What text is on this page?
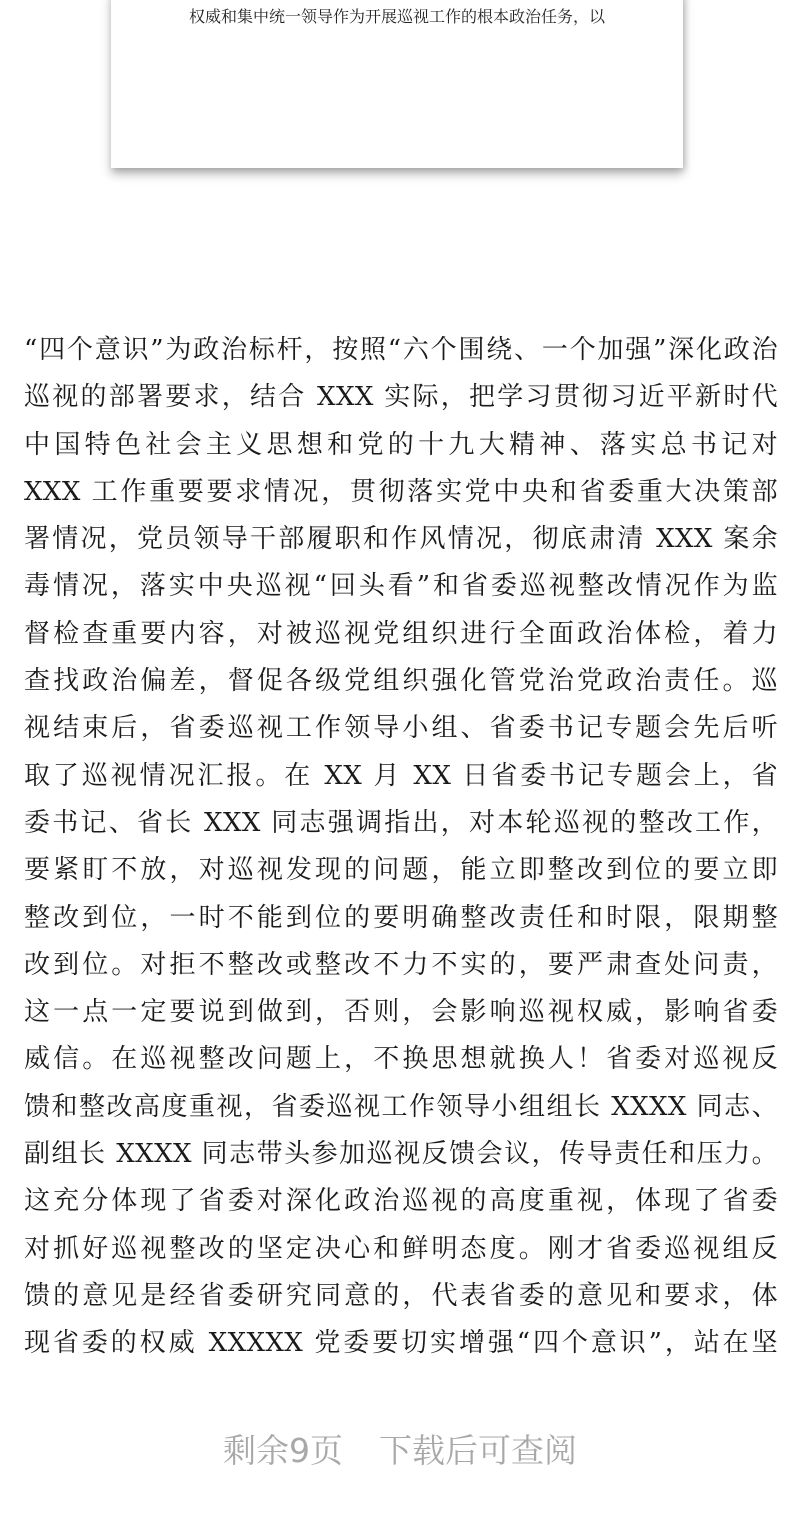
权威和集中统一领导作为开展巡视工作的根本政治任务，以

“四个意识”为政治标杆，按照“六个围绕、一个加强”深化政治
巡视的部署要求，结合 XXX 实际，把学习贯彻习近平新时代
中国特色社会主义思想和党的十九大精神、落实总书记对
XXX 工作重要要求情况，贯彻落实党中央和省委重大决策部
署情况，党员领导干部履职和作风情况，彻底肃清 XXX 案余
毒情况，落实中央巡视“回头看”和省委巡视整改情况作为监
督检查重要内容，对被巡视党组织进行全面政治体检，着力
查找政治偏差，督促各级党组织强化管党治党政治责任。巡
视结束后，省委巡视工作领导小组、省委书记专题会先后听
取了巡视情况汇报。在 XX 月 XX 日省委书记专题会上，省
委书记、省长 XXX 同志强调指出，对本轮巡视的整改工作，
要紧盯不放，对巡视发现的问题，能立即整改到位的要立即
整改到位，一时不能到位的要明确整改责任和时限，限期整
改到位。对拒不整改或整改不力不实的，要严肃查处问责，
这一点一定要说到做到，否则，会影响巡视权威，影响省委
威信。在巡视整改问题上，不换思想就换人！省委对巡视反
馈和整改高度重视，省委巡视工作领导小组组长 XXXX 同志、
副组长 XXXX 同志带头参加巡视反馈会议，传导责任和压力。
这充分体现了省委对深化政治巡视的高度重视，体现了省委
对抓好巡视整改的坚定决心和鲜明态度。刚才省委巡视组反
馈的意见是经省委研究同意的，代表省委的意见和要求，体
现省委的权威 XXXXX 党委要切实增强“四个意识”，站在坚
剩余9页 下载后可查阅
